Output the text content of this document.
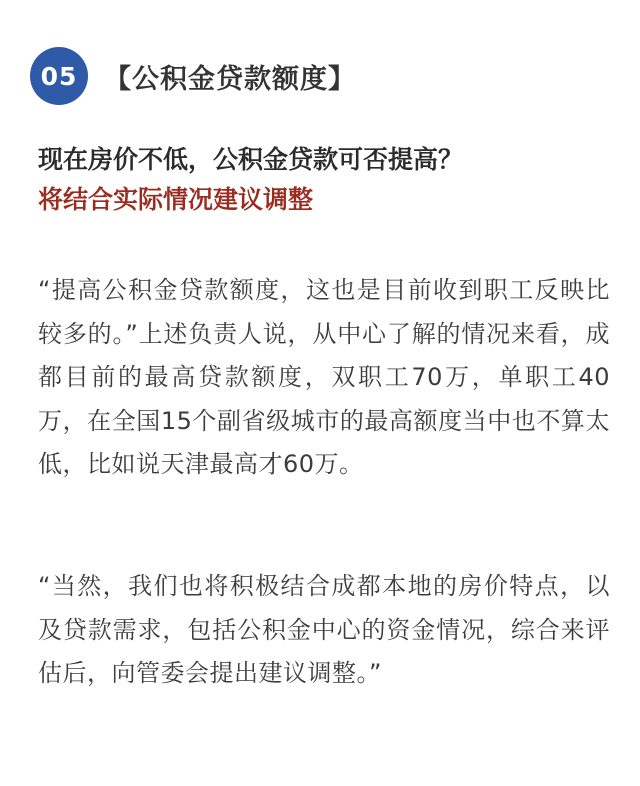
05 【公积金贷款额度】
现在房价不低，公积金贷款可否提高？
将结合实际情况建议调整

“提高公积金贷款额度，这也是目前收到职工反映比较多的。”上述负责人说，从中心了解的情况来看，成都目前的最高贷款额度，双职工70万，单职工40万，在全国15个副省级城市的最高额度当中也不算太低，比如说天津最高才60万。

“当然，我们也将积极结合成都本地的房价特点，以及贷款需求，包括公积金中心的资金情况，综合来评估后，向管委会提出建议调整。”
